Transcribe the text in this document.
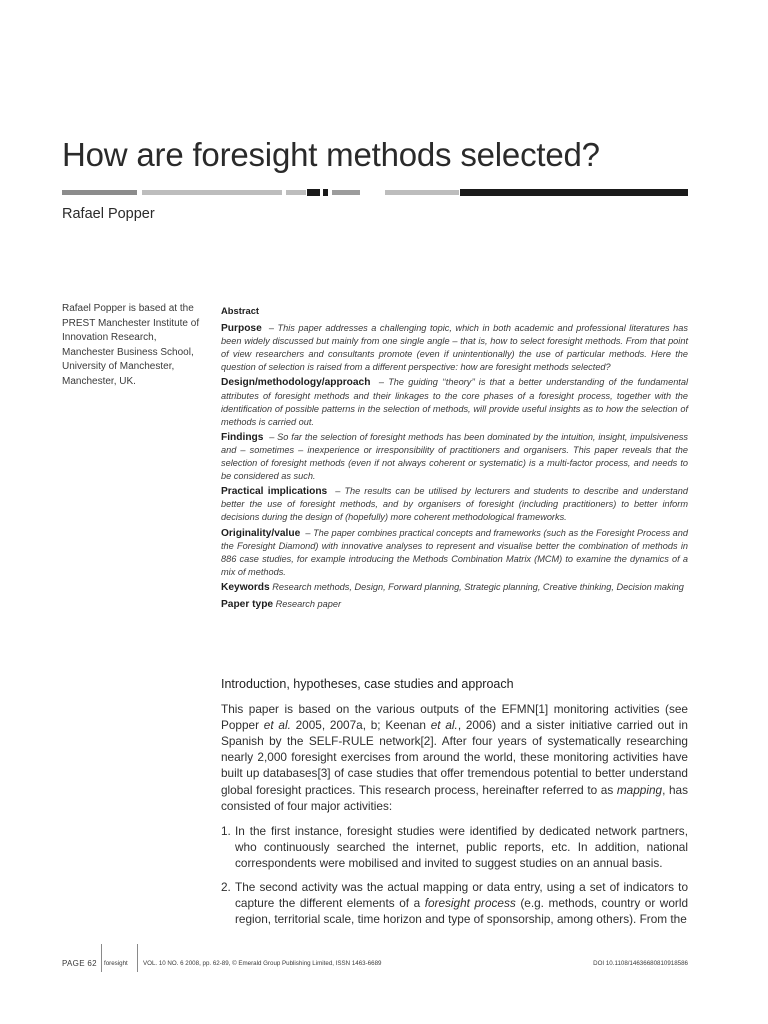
How are foresight methods selected?
Rafael Popper
Rafael Popper is based at the PREST Manchester Institute of Innovation Research, Manchester Business School, University of Manchester, Manchester, UK.
Abstract

Purpose  – This paper addresses a challenging topic, which in both academic and professional literatures has been widely discussed but mainly from one single angle – that is, how to select foresight methods. From that point of view researchers and consultants promote (even if unintentionally) the use of particular methods. Here the question of selection is raised from a different perspective: how are foresight methods selected?

Design/methodology/approach  – The guiding ‘‘theory’’ is that a better understanding of the fundamental attributes of foresight methods and their linkages to the core phases of a foresight process, together with the identification of possible patterns in the selection of methods, will provide useful insights as to how the selection of methods is carried out.

Findings  – So far the selection of foresight methods has been dominated by the intuition, insight, impulsiveness and – sometimes – inexperience or irresponsibility of practitioners and organisers. This paper reveals that the selection of foresight methods (even if not always coherent or systematic) is a multi-factor process, and needs to be considered as such.

Practical implications  – The results can be utilised by lecturers and students to describe and understand better the use of foresight methods, and by organisers of foresight (including practitioners) to better inform decisions during the design of (hopefully) more coherent methodological frameworks.

Originality/value  – The paper combines practical concepts and frameworks (such as the Foresight Process and the Foresight Diamond) with innovative analyses to represent and visualise better the combination of methods in 886 case studies, for example introducing the Methods Combination Matrix (MCM) to examine the dynamics of a mix of methods.

Keywords Research methods, Design, Forward planning, Strategic planning, Creative thinking, Decision making

Paper type Research paper

Introduction, hypotheses, case studies and approach

This paper is based on the various outputs of the EFMN[1] monitoring activities (see Popper et al. 2005, 2007a, b; Keenan et al., 2006) and a sister initiative carried out in Spanish by the SELF-RULE network[2]. After four years of systematically researching nearly 2,000 foresight exercises from around the world, these monitoring activities have built up databases[3] of case studies that offer tremendous potential to better understand global foresight practices. This research process, hereinafter referred to as mapping, has consisted of four major activities:

1. In the first instance, foresight studies were identified by dedicated network partners, who continuously searched the internet, public reports, etc. In addition, national correspondents were mobilised and invited to suggest studies on an annual basis.
2. The second activity was the actual mapping or data entry, using a set of indicators to capture the different elements of a foresight process (e.g. methods, country or world region, territorial scale, time horizon and type of sponsorship, among others). From the
PAGE 62 foresight VOL. 10 NO. 6 2008, pp. 62-89, © Emerald Group Publishing Limited, ISSN 1463-6689	DOI 10.1108/14636680810918586
